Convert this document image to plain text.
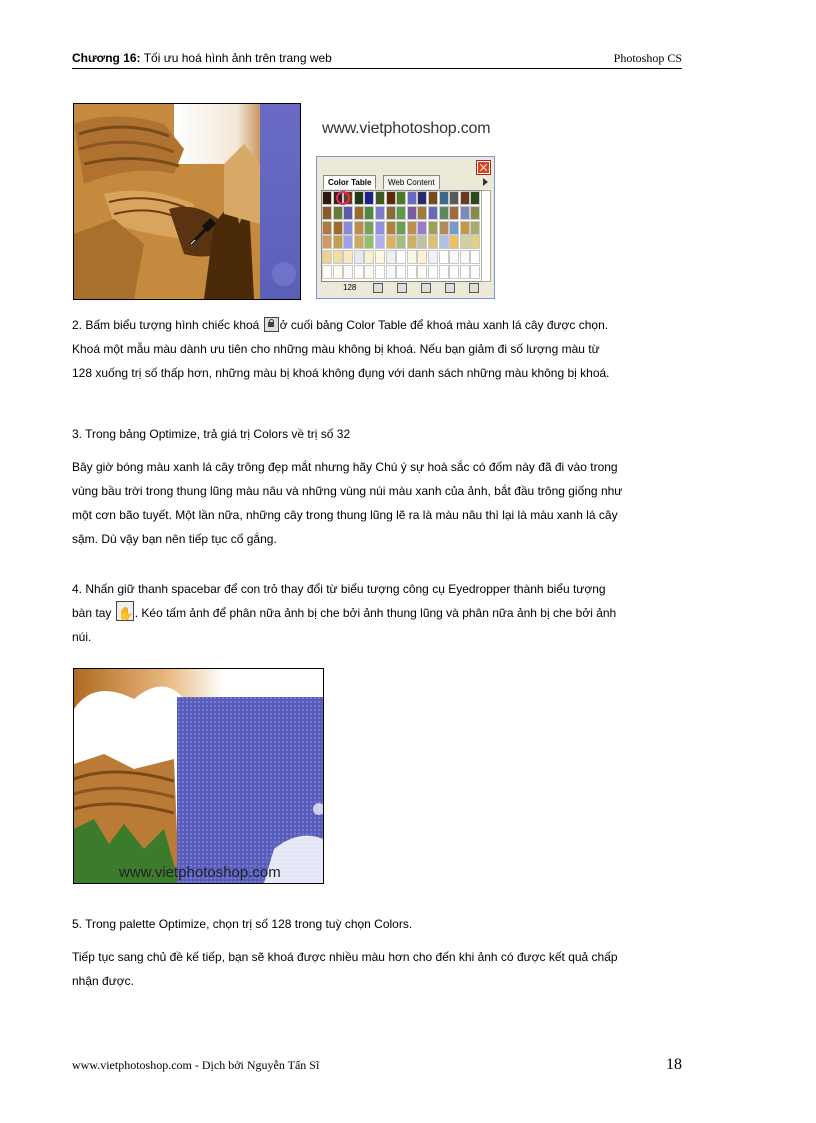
Chương 16: Tối ưu hoá hình ảnh trên trang web	Photoshop CS
www.vietphotoshop.com
Color Table	Web Content
128

2. Bấm biểu tượng hình chiếc khoá ở cuối bảng Color Table để khoá màu xanh lá cây được chọn.

Khoá một mẫu màu dành ưu tiên cho những màu không bị khoá. Nếu bạn giảm đi số lượng màu từ

128 xuống trị số thấp hơn, những màu bị khoá không đụng với danh sách những màu không bị khoá.

3. Trong bảng Optimize, trả giá trị Colors về trị số 32

Bây giờ bóng màu xanh lá cây trông đẹp mắt nhưng hãy Chú ý sự hoà sắc có đốm này đã đi vào trong

vùng bầu trời trong thung lũng màu nâu và những vùng núi màu xanh của ảnh, bắt đầu trông giống như

một cơn bão tuyết. Một lần nữa, những cây trong thung lũng lẽ ra là màu nâu thì lại là màu xanh lá cây

sậm. Dù vậy bạn nên tiếp tục cố gắng.

4. Nhấn giữ thanh spacebar để con trỏ thay đổi từ biểu tượng công cụ Eyedropper thành biểu tượng

bàn tay ✋ . Kéo tấm ảnh để phân nữa ảnh bị che bởi ảnh thung lũng và phân nữa ảnh bị che bởi ảnh

núi.

www.vietphotoshop.com

5. Trong palette Optimize, chọn trị số 128 trong tuỳ chọn Colors.

Tiếp tục sang chủ đề kế tiếp, bạn sẽ khoá được nhiều màu hơn cho đến khi ảnh có được kết quả chấp

nhận được.

www.vietphotoshop.com - Dịch bởi Nguyễn Tấn Sĩ	18
